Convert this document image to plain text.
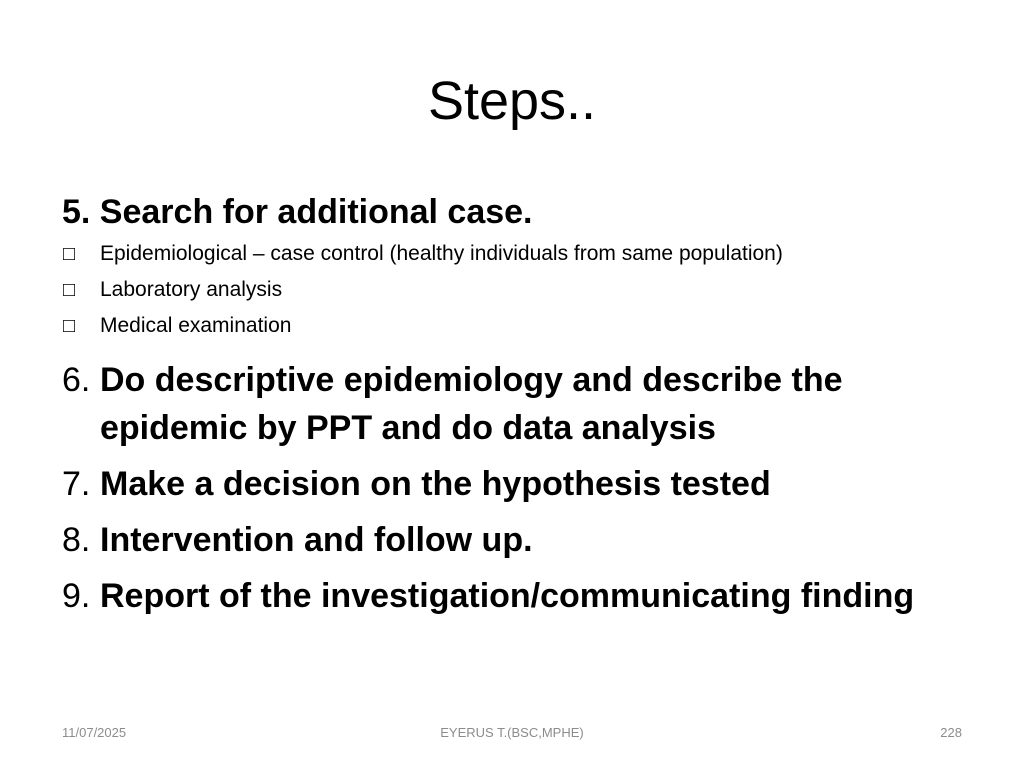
Steps..
5. Search for additional case.
□ Epidemiological – case control (healthy individuals from same population)
□ Laboratory analysis
□ Medical examination
6. Do descriptive epidemiology and describe the epidemic by PPT and do data analysis
7. Make a decision on the hypothesis tested
8. Intervention and follow up.
9. Report of the investigation/communicating finding
11/07/2025	EYERUS T.(BSC,MPHE)	228
